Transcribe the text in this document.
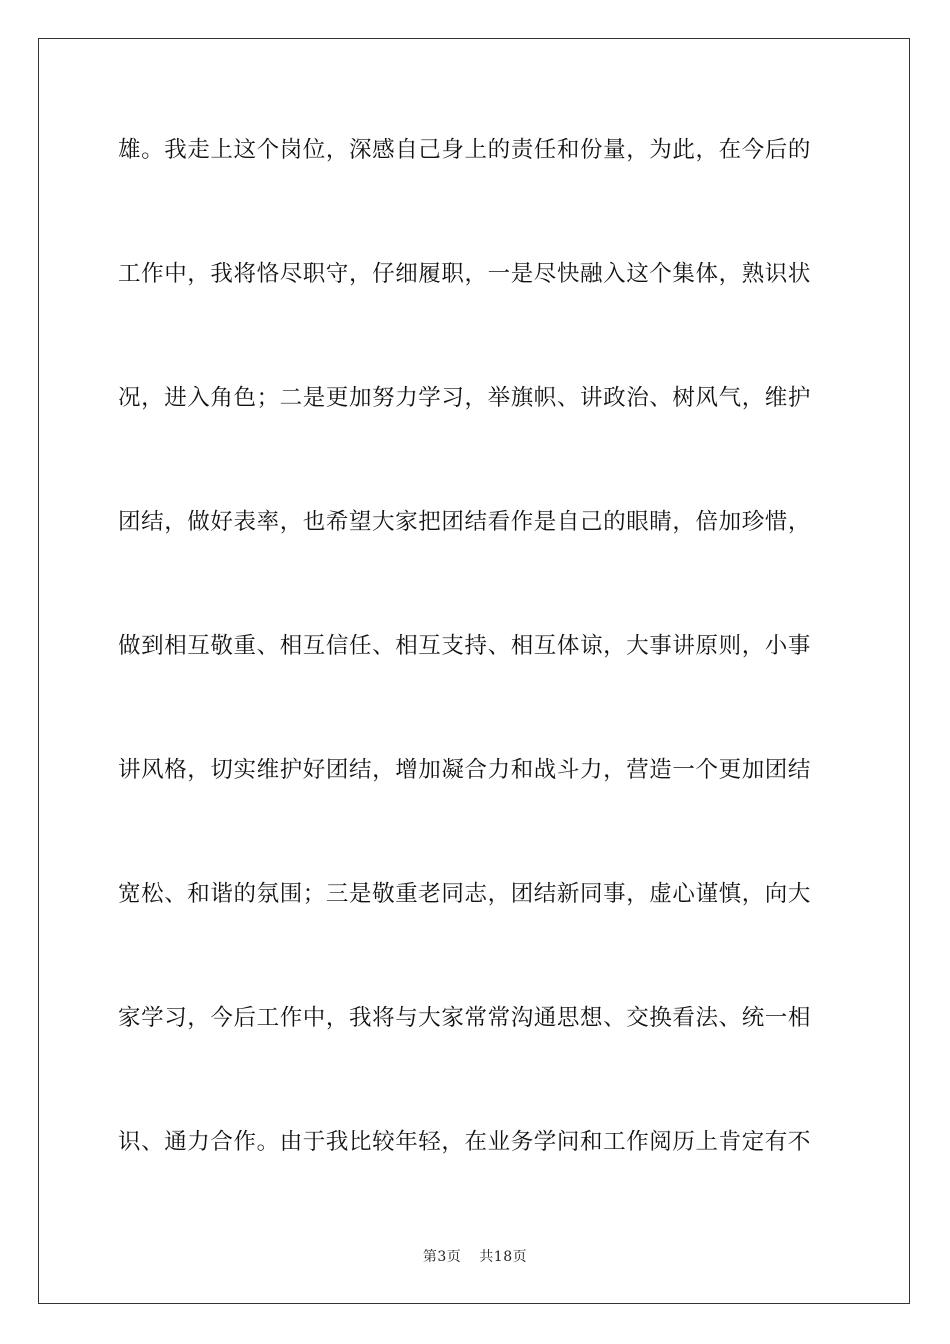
雄。我走上这个岗位，深感自己身上的责任和份量，为此，在今后的
工作中，我将恪尽职守，仔细履职，一是尽快融入这个集体，熟识状
况，进入角色；二是更加努力学习，举旗帜、讲政治、树风气，维护
团结，做好表率，也希望大家把团结看作是自己的眼睛，倍加珍惜，
做到相互敬重、相互信任、相互支持、相互体谅，大事讲原则，小事
讲风格，切实维护好团结，增加凝合力和战斗力，营造一个更加团结
宽松、和谐的氛围；三是敬重老同志，团结新同事，虚心谨慎，向大
家学习，今后工作中，我将与大家常常沟通思想、交换看法、统一相
识、通力合作。由于我比较年轻，在业务学问和工作阅历上肯定有不
第3页 共18页
